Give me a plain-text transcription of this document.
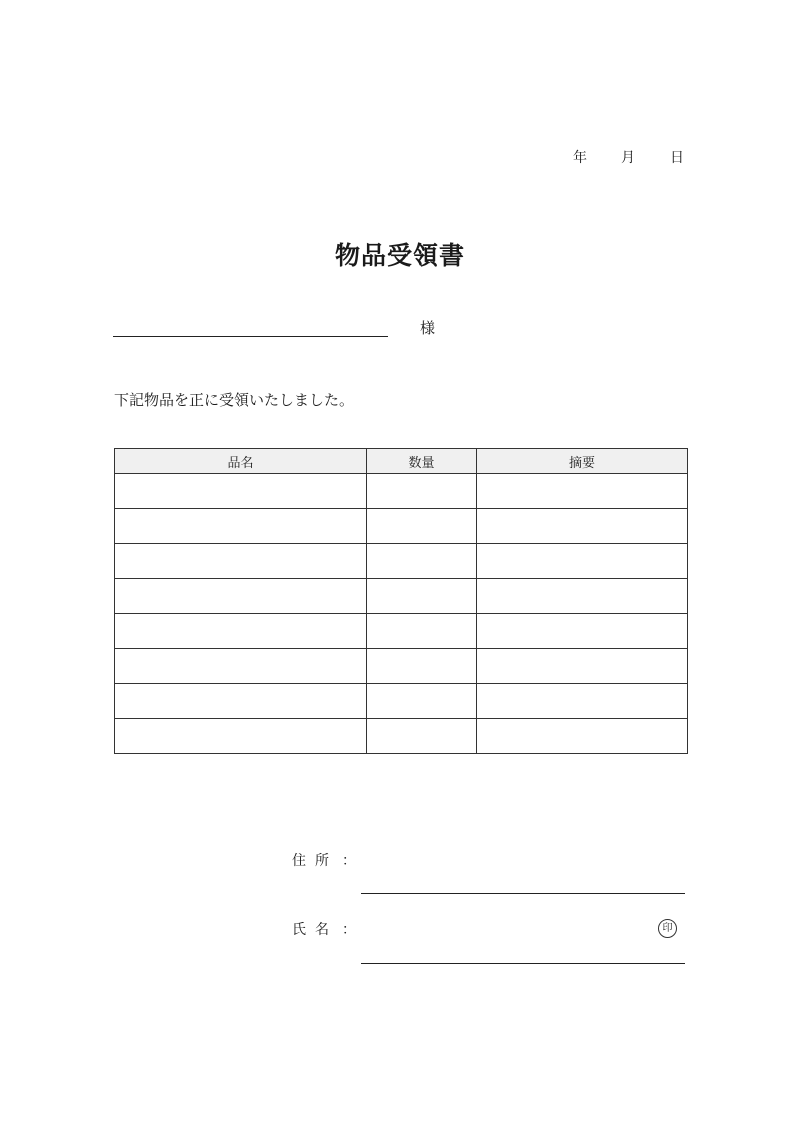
年 月	日
物品受領書
様
下記物品を正に受領いたしました。
品名	数量	摘要

住所 ：
氏名 ：	印
